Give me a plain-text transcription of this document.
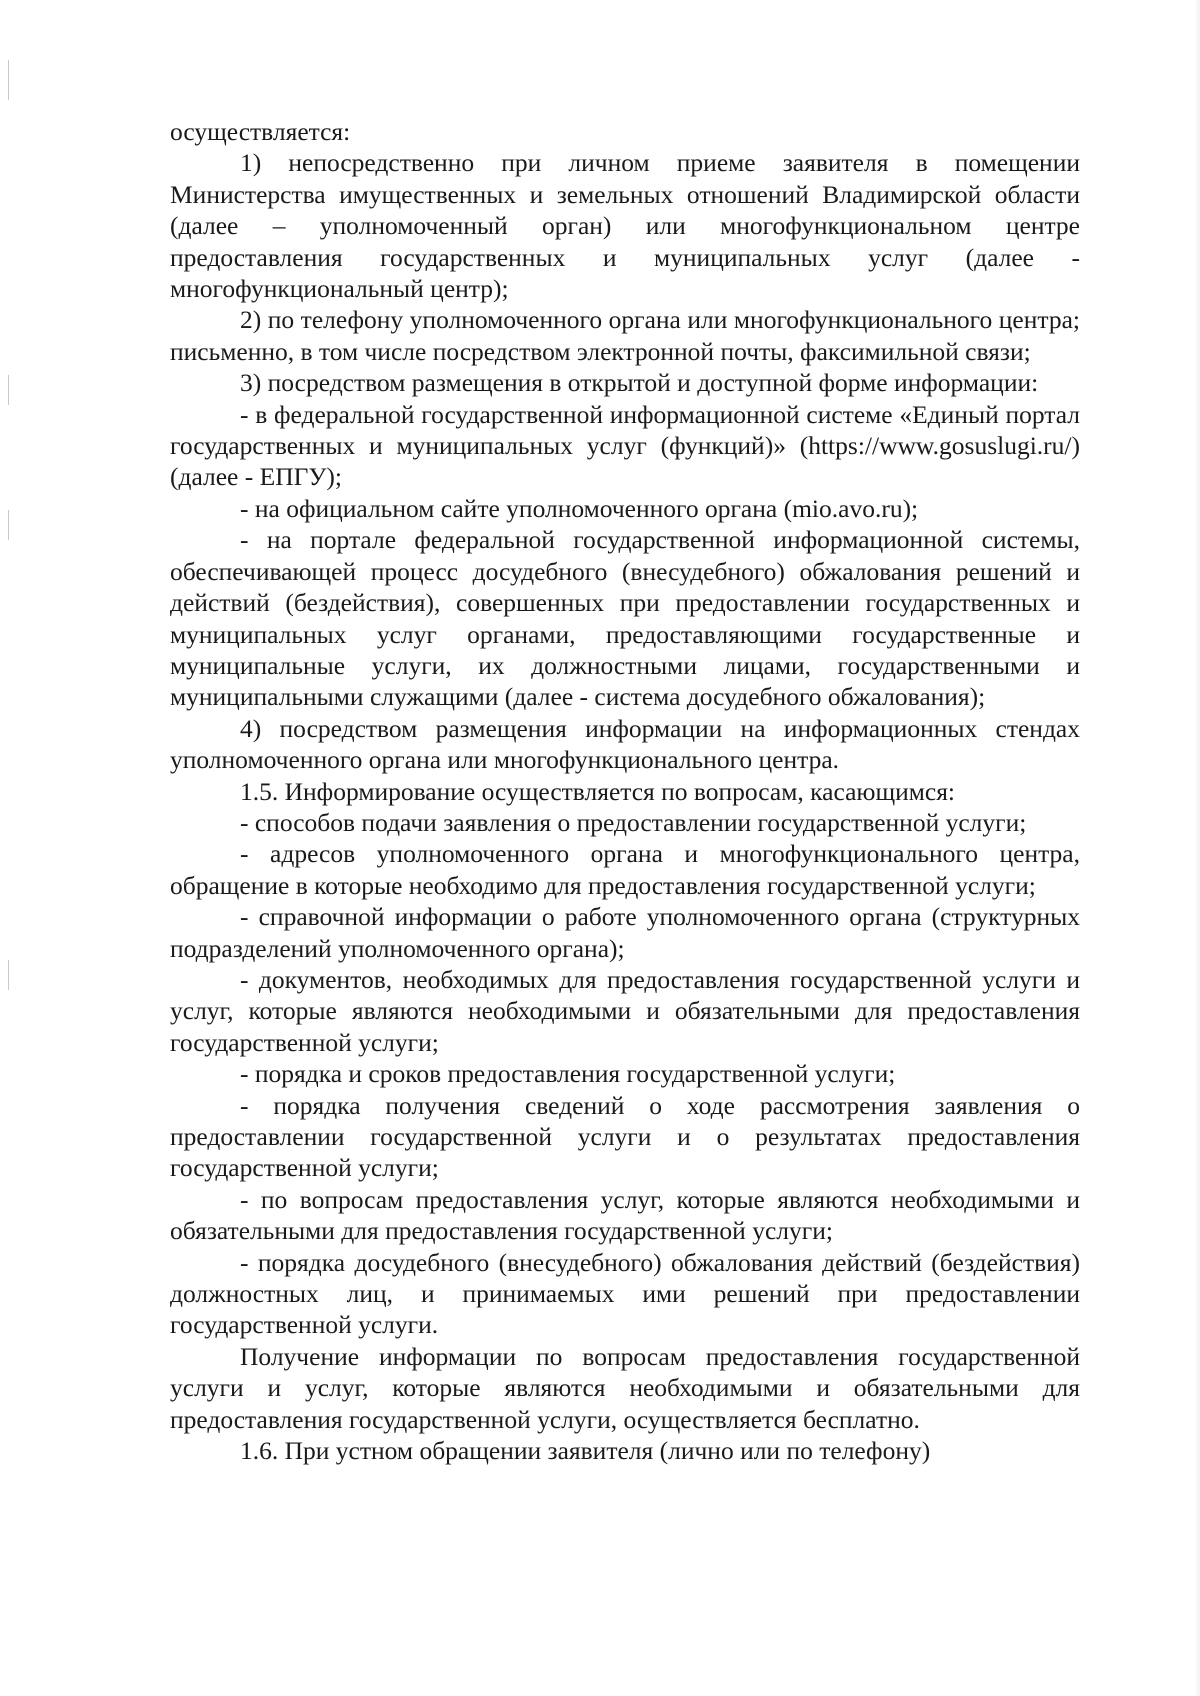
осуществляется:

1) непосредственно при личном приеме заявителя в помещении Министерства имущественных и земельных отношений Владимирской области (далее – уполномоченный орган) или многофункциональном центре предоставления государственных и муниципальных услуг (далее - многофункциональный центр);

2) по телефону уполномоченного органа или многофункционального центра; письменно, в том числе посредством электронной почты, факсимильной связи;

3) посредством размещения в открытой и доступной форме информации:

- в федеральной государственной информационной системе «Единый портал государственных и муниципальных услуг (функций)» (https://www.gosuslugi.ru/) (далее - ЕПГУ);

- на официальном сайте уполномоченного органа (mio.avo.ru);

- на портале федеральной государственной информационной системы, обеспечивающей процесс досудебного (внесудебного) обжалования решений и действий (бездействия), совершенных при предоставлении государственных и муниципальных услуг органами, предоставляющими государственные и муниципальные услуги, их должностными лицами, государственными и муниципальными служащими (далее - система досудебного обжалования);

4) посредством размещения информации на информационных стендах уполномоченного органа или многофункционального центра.

1.5. Информирование осуществляется по вопросам, касающимся:

- способов подачи заявления о предоставлении государственной услуги;

- адресов уполномоченного органа и многофункционального центра, обращение в которые необходимо для предоставления государственной услуги;

- справочной информации о работе уполномоченного органа (структурных подразделений уполномоченного органа);

- документов, необходимых для предоставления государственной услуги и услуг, которые являются необходимыми и обязательными для предоставления государственной услуги;

- порядка и сроков предоставления государственной услуги;

- порядка получения сведений о ходе рассмотрения заявления о предоставлении государственной услуги и о результатах предоставления государственной услуги;

- по вопросам предоставления услуг, которые являются необходимыми и обязательными для предоставления государственной услуги;

- порядка досудебного (внесудебного) обжалования действий (бездействия) должностных лиц, и принимаемых ими решений при предоставлении государственной услуги.

Получение информации по вопросам предоставления государственной услуги и услуг, которые являются необходимыми и обязательными для предоставления государственной услуги, осуществляется бесплатно.

1.6. При устном обращении заявителя (лично или по телефону)
